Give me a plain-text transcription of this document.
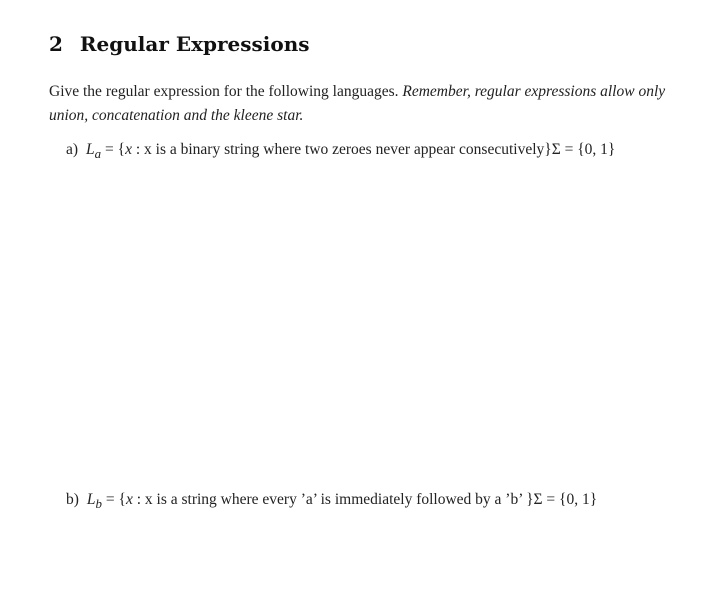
2 Regular Expressions
Give the regular expression for the following languages. Remember, regular expressions allow only union, concatenation and the kleene star.
a) $L_a = \{x$ : x is a binary string where two zeroes never appear consecutively}Σ = {0, 1}
b) $L_b = \{x$ : x is a string where every ’a’ is immediately followed by a ’b’ }Σ = {0, 1}
